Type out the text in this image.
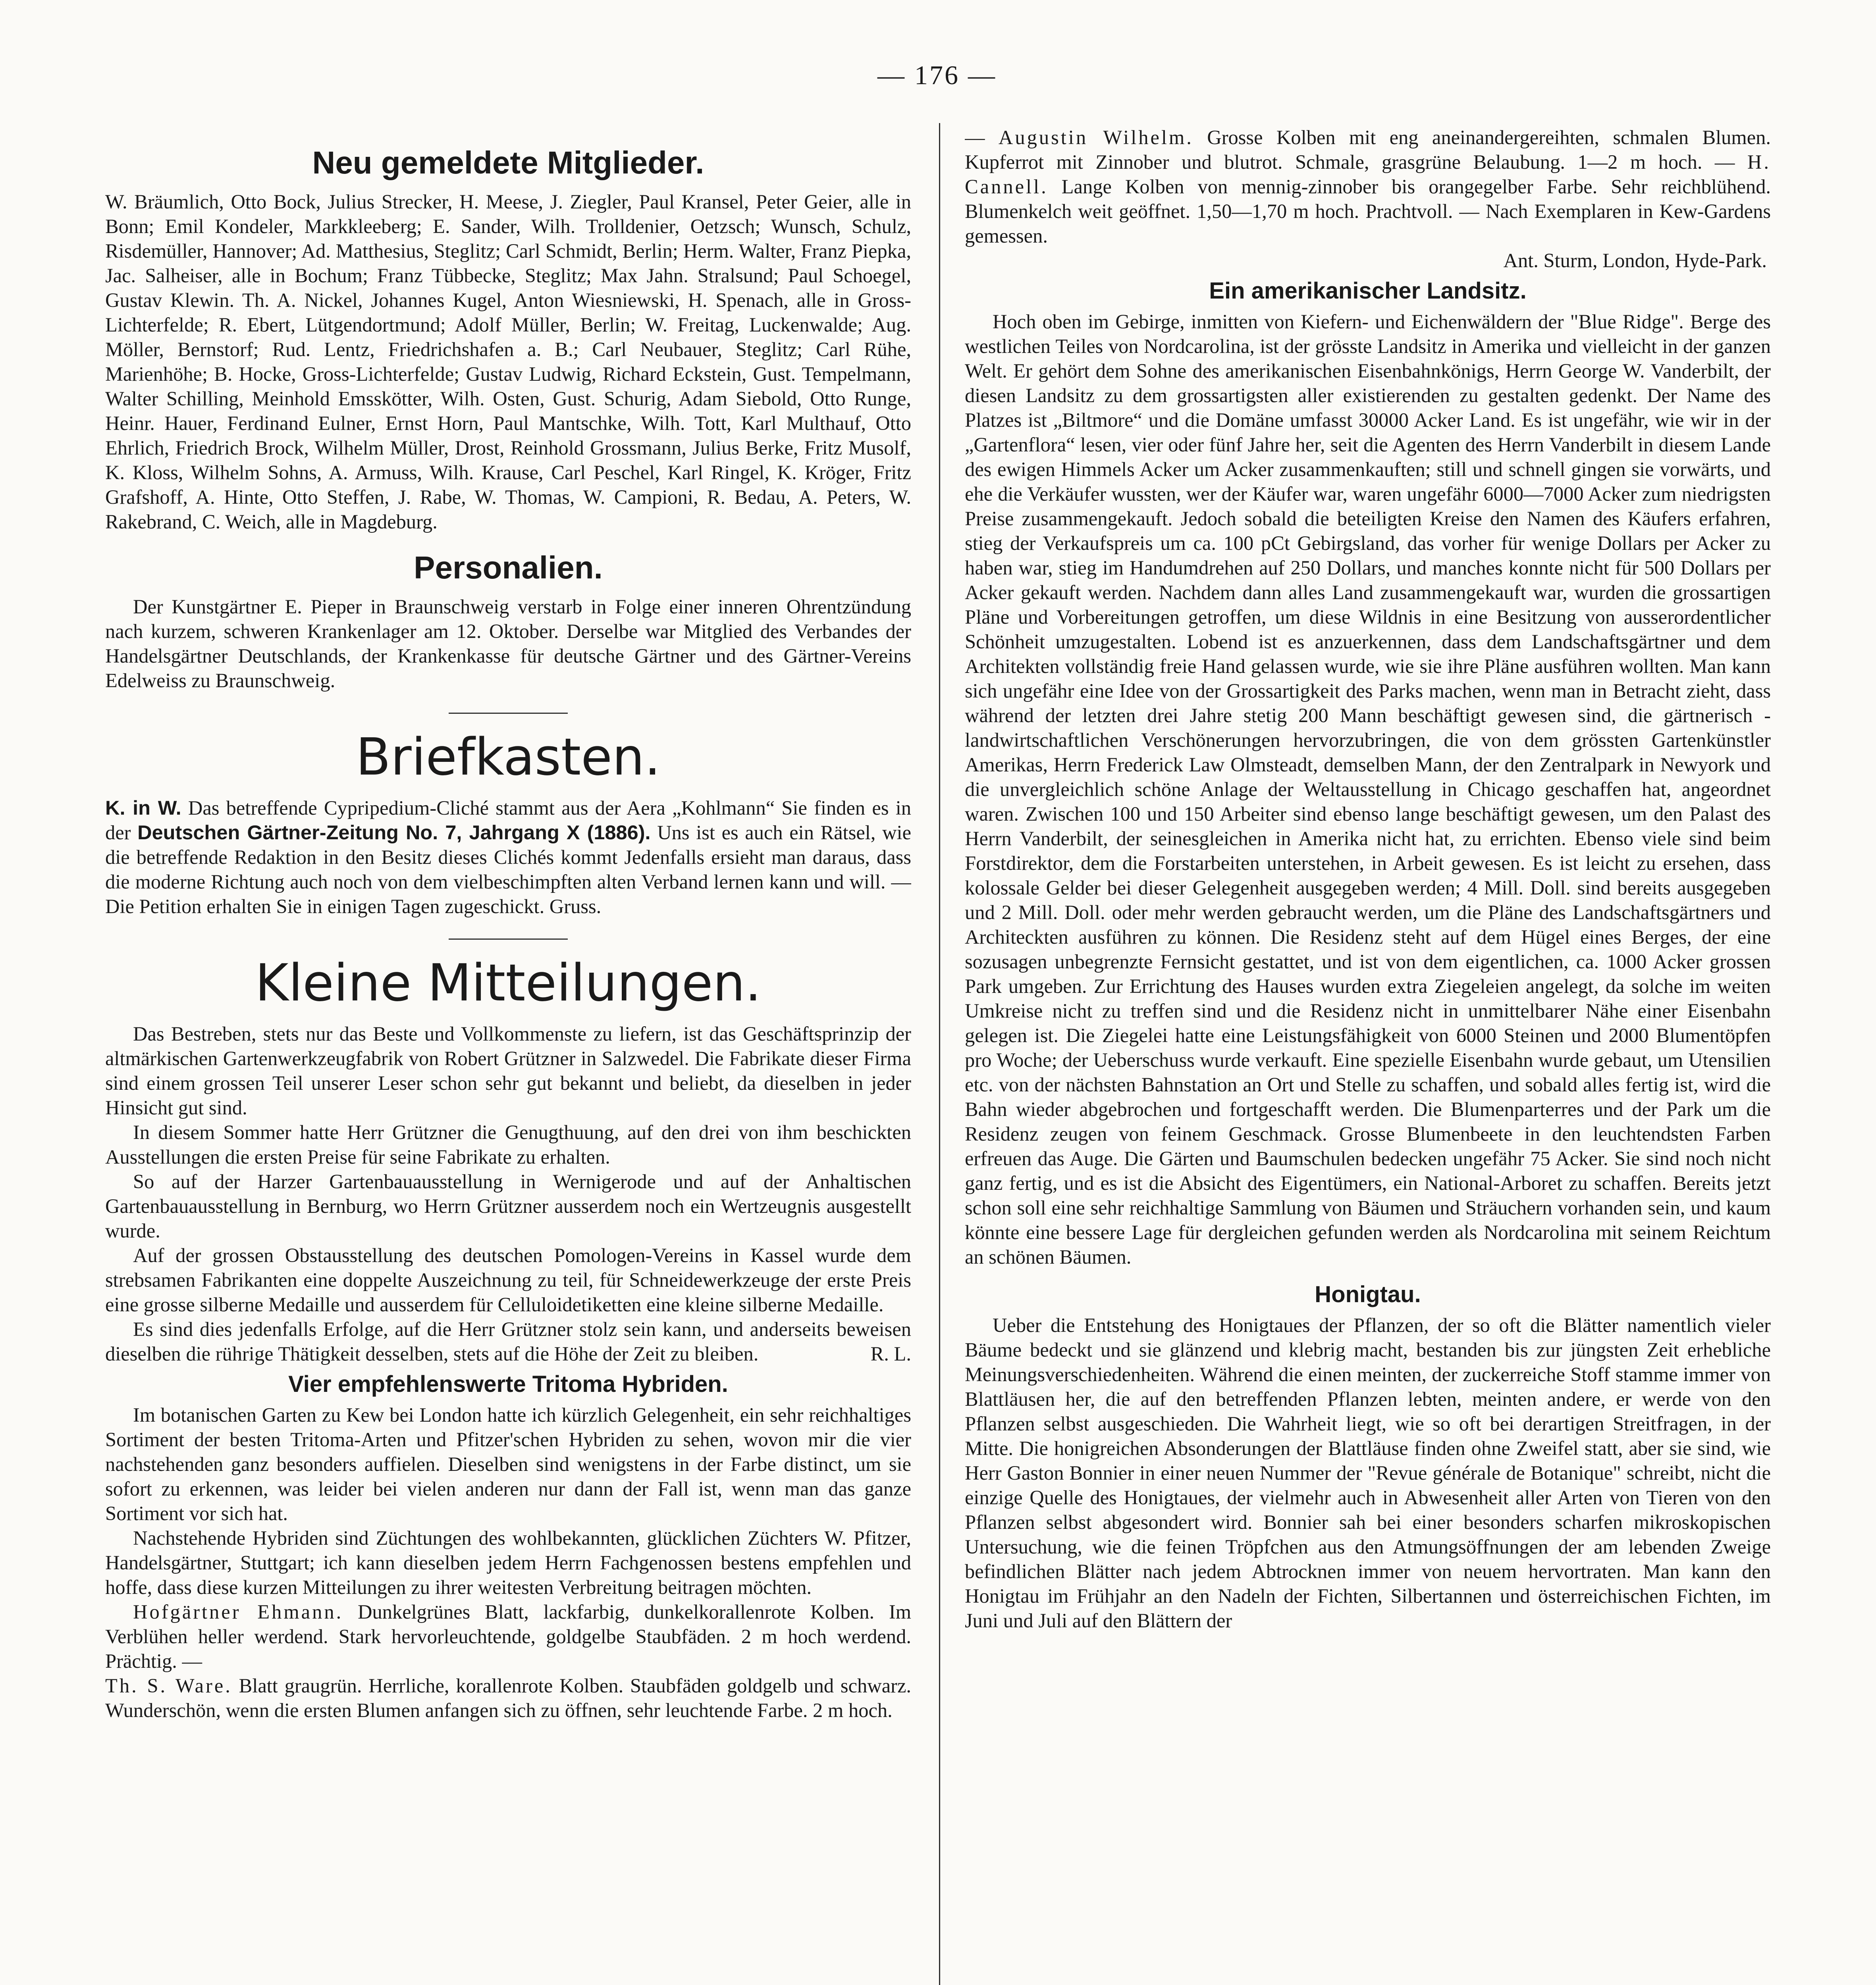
— 176 —
Neu gemeldete Mitglieder.

W. Bräumlich, Otto Bock, Julius Strecker, H. Meese, J. Ziegler, Paul Kransel, Peter Geier, alle in Bonn; Emil Kondeler, Markkleeberg; E. Sander, Wilh. Trolldenier, Oetzsch; Wunsch, Schulz, Risdemüller, Hannover; Ad. Matthesius, Steglitz; Carl Schmidt, Berlin; Herm. Walter, Franz Piepka, Jac. Salheiser, alle in Bochum; Franz Tübbecke, Steglitz; Max Jahn. Stralsund; Paul Schoegel, Gustav Klewin. Th. A. Nickel, Johannes Kugel, Anton Wiesniewski, H. Spenach, alle in Gross-Lichterfelde; R. Ebert, Lütgendortmund; Adolf Müller, Berlin; W. Freitag, Luckenwalde; Aug. Möller, Bernstorf; Rud. Lentz, Friedrichshafen a. B.; Carl Neubauer, Steglitz; Carl Rühe, Marienhöhe; B. Hocke, Gross-Lichterfelde; Gustav Ludwig, Richard Eckstein, Gust. Tempelmann, Walter Schilling, Meinhold Emsskötter, Wilh. Osten, Gust. Schurig, Adam Siebold, Otto Runge, Heinr. Hauer, Ferdinand Eulner, Ernst Horn, Paul Mantschke, Wilh. Tott, Karl Multhauf, Otto Ehrlich, Friedrich Brock, Wilhelm Müller, Drost, Reinhold Grossmann, Julius Berke, Fritz Musolf, K. Kloss, Wilhelm Sohns, A. Armuss, Wilh. Krause, Carl Peschel, Karl Ringel, K. Kröger, Fritz Grafshoff, A. Hinte, Otto Steffen, J. Rabe, W. Thomas, W. Campioni, R. Bedau, A. Peters, W. Rakebrand, C. Weich, alle in Magdeburg.

Personalien.

Der Kunstgärtner E. Pieper in Braunschweig verstarb in Folge einer inneren Ohrentzündung nach kurzem, schweren Krankenlager am 12. Oktober. Derselbe war Mitglied des Verbandes der Handelsgärtner Deutschlands, der Krankenkasse für deutsche Gärtner und des Gärtner-Vereins Edelweiss zu Braunschweig.

Briefkasten.

K. in W. Das betreffende Cypripedium-Cliché stammt aus der Aera „Kohlmann“ Sie finden es in der Deutschen Gärtner-Zeitung No. 7, Jahrgang X (1886). Uns ist es auch ein Rätsel, wie die betreffende Redaktion in den Besitz dieses Clichés kommt Jedenfalls ersieht man daraus, dass die moderne Richtung auch noch von dem vielbeschimpften alten Verband lernen kann und will. — Die Petition erhalten Sie in einigen Tagen zugeschickt. Gruss.

Kleine Mitteilungen.

Das Bestreben, stets nur das Beste und Vollkommenste zu liefern, ist das Geschäftsprinzip der altmärkischen Gartenwerkzeugfabrik von Robert Grützner in Salzwedel. Die Fabrikate dieser Firma sind einem grossen Teil unserer Leser schon sehr gut bekannt und beliebt, da dieselben in jeder Hinsicht gut sind.

In diesem Sommer hatte Herr Grützner die Genugthuung, auf den drei von ihm beschickten Ausstellungen die ersten Preise für seine Fabrikate zu erhalten.

So auf der Harzer Gartenbauausstellung in Wernigerode und auf der Anhaltischen Gartenbauausstellung in Bernburg, wo Herrn Grützner ausserdem noch ein Wertzeugnis ausgestellt wurde.

Auf der grossen Obstausstellung des deutschen Pomologen-Vereins in Kassel wurde dem strebsamen Fabrikanten eine doppelte Auszeichnung zu teil, für Schneidewerkzeuge der erste Preis eine grosse silberne Medaille und ausserdem für Celluloidetiketten eine kleine silberne Medaille.

Es sind dies jedenfalls Erfolge, auf die Herr Grützner stolz sein kann, und anderseits beweisen dieselben die rührige Thätigkeit desselben, stets auf die Höhe der Zeit zu bleiben.	R. L.

Vier empfehlenswerte Tritoma Hybriden.

Im botanischen Garten zu Kew bei London hatte ich kürzlich Gelegenheit, ein sehr reichhaltiges Sortiment der besten Tritoma-Arten und Pfitzer'schen Hybriden zu sehen, wovon mir die vier nachstehenden ganz besonders auffielen. Dieselben sind wenigstens in der Farbe distinct, um sie sofort zu erkennen, was leider bei vielen anderen nur dann der Fall ist, wenn man das ganze Sortiment vor sich hat.

Nachstehende Hybriden sind Züchtungen des wohlbekannten, glücklichen Züchters W. Pfitzer, Handelsgärtner, Stuttgart; ich kann dieselben jedem Herrn Fachgenossen bestens empfehlen und hoffe, dass diese kurzen Mitteilungen zu ihrer weitesten Verbreitung beitragen möchten.

Hofgärtner Ehmann. Dunkelgrünes Blatt, lackfarbig, dunkelkorallenrote Kolben. Im Verblühen heller werdend. Stark hervorleuchtende, goldgelbe Staubfäden. 2 m hoch werdend. Prächtig. —

Th. S. Ware. Blatt graugrün. Herrliche, korallenrote Kolben. Staubfäden goldgelb und schwarz. Wunderschön, wenn die ersten Blumen anfangen sich zu öffnen, sehr leuchtende Farbe. 2 m hoch.

— Augustin Wilhelm. Grosse Kolben mit eng aneinandergereihten, schmalen Blumen. Kupferrot mit Zinnober und blutrot. Schmale, grasgrüne Belaubung. 1—2 m hoch. — H. Cannell. Lange Kolben von mennig-zinnober bis orangegelber Farbe. Sehr reichblühend. Blumenkelch weit geöffnet. 1,50—1,70 m hoch. Prachtvoll. — Nach Exemplaren in Kew-Gardens gemessen.

Ant. Sturm, London, Hyde-Park.

Ein amerikanischer Landsitz.

Hoch oben im Gebirge, inmitten von Kiefern- und Eichenwäldern der "Blue Ridge". Berge des westlichen Teiles von Nordcarolina, ist der grösste Landsitz in Amerika und vielleicht in der ganzen Welt. Er gehört dem Sohne des amerikanischen Eisenbahnkönigs, Herrn George W. Vanderbilt, der diesen Landsitz zu dem grossartigsten aller existierenden zu gestalten gedenkt. Der Name des Platzes ist „Biltmore“ und die Domäne umfasst 30000 Acker Land. Es ist ungefähr, wie wir in der „Gartenflora“ lesen, vier oder fünf Jahre her, seit die Agenten des Herrn Vanderbilt in diesem Lande des ewigen Himmels Acker um Acker zusammenkauften; still und schnell gingen sie vorwärts, und ehe die Verkäufer wussten, wer der Käufer war, waren ungefähr 6000—7000 Acker zum niedrigsten Preise zusammengekauft. Jedoch sobald die beteiligten Kreise den Namen des Käufers erfahren, stieg der Verkaufspreis um ca. 100 pCt Gebirgsland, das vorher für wenige Dollars per Acker zu haben war, stieg im Handumdrehen auf 250 Dollars, und manches konnte nicht für 500 Dollars per Acker gekauft werden. Nachdem dann alles Land zusammengekauft war, wurden die grossartigen Pläne und Vorbereitungen getroffen, um diese Wildnis in eine Besitzung von ausserordentlicher Schönheit umzugestalten. Lobend ist es anzuerkennen, dass dem Landschaftsgärtner und dem Architekten vollständig freie Hand gelassen wurde, wie sie ihre Pläne ausführen wollten. Man kann sich ungefähr eine Idee von der Grossartigkeit des Parks machen, wenn man in Betracht zieht, dass während der letzten drei Jahre stetig 200 Mann beschäftigt gewesen sind, die gärtnerisch - landwirtschaftlichen Verschönerungen hervorzubringen, die von dem grössten Gartenkünstler Amerikas, Herrn Frederick Law Olmsteadt, demselben Mann, der den Zentralpark in Newyork und die unvergleichlich schöne Anlage der Weltausstellung in Chicago geschaffen hat, angeordnet waren. Zwischen 100 und 150 Arbeiter sind ebenso lange beschäftigt gewesen, um den Palast des Herrn Vanderbilt, der seinesgleichen in Amerika nicht hat, zu errichten. Ebenso viele sind beim Forstdirektor, dem die Forstarbeiten unterstehen, in Arbeit gewesen. Es ist leicht zu ersehen, dass kolossale Gelder bei dieser Gelegenheit ausgegeben werden; 4 Mill. Doll. sind bereits ausgegeben und 2 Mill. Doll. oder mehr werden gebraucht werden, um die Pläne des Landschaftsgärtners und Architeckten ausführen zu können. Die Residenz steht auf dem Hügel eines Berges, der eine sozusagen unbegrenzte Fernsicht gestattet, und ist von dem eigentlichen, ca. 1000 Acker grossen Park umgeben. Zur Errichtung des Hauses wurden extra Ziegeleien angelegt, da solche im weiten Umkreise nicht zu treffen sind und die Residenz nicht in unmittelbarer Nähe einer Eisenbahn gelegen ist. Die Ziegelei hatte eine Leistungsfähigkeit von 6000 Steinen und 2000 Blumentöpfen pro Woche; der Ueberschuss wurde verkauft. Eine spezielle Eisenbahn wurde gebaut, um Utensilien etc. von der nächsten Bahnstation an Ort und Stelle zu schaffen, und sobald alles fertig ist, wird die Bahn wieder abgebrochen und fortgeschafft werden. Die Blumenparterres und der Park um die Residenz zeugen von feinem Geschmack. Grosse Blumenbeete in den leuchtendsten Farben erfreuen das Auge. Die Gärten und Baumschulen bedecken ungefähr 75 Acker. Sie sind noch nicht ganz fertig, und es ist die Absicht des Eigentümers, ein National-Arboret zu schaffen. Bereits jetzt schon soll eine sehr reichhaltige Sammlung von Bäumen und Sträuchern vorhanden sein, und kaum könnte eine bessere Lage für dergleichen gefunden werden als Nordcarolina mit seinem Reichtum an schönen Bäumen.

Honigtau.

Ueber die Entstehung des Honigtaues der Pflanzen, der so oft die Blätter namentlich vieler Bäume bedeckt und sie glänzend und klebrig macht, bestanden bis zur jüngsten Zeit erhebliche Meinungsverschiedenheiten. Während die einen meinten, der zuckerreiche Stoff stamme immer von Blattläusen her, die auf den betreffenden Pflanzen lebten, meinten andere, er werde von den Pflanzen selbst ausgeschieden. Die Wahrheit liegt, wie so oft bei derartigen Streitfragen, in der Mitte. Die honigreichen Absonderungen der Blattläuse finden ohne Zweifel statt, aber sie sind, wie Herr Gaston Bonnier in einer neuen Nummer der "Revue générale de Botanique" schreibt, nicht die einzige Quelle des Honigtaues, der vielmehr auch in Abwesenheit aller Arten von Tieren von den Pflanzen selbst abgesondert wird. Bonnier sah bei einer besonders scharfen mikroskopischen Untersuchung, wie die feinen Tröpfchen aus den Atmungsöffnungen der am lebenden Zweige befindlichen Blätter nach jedem Abtrocknen immer von neuem hervortraten. Man kann den Honigtau im Frühjahr an den Nadeln der Fichten, Silbertannen und österreichischen Fichten, im Juni und Juli auf den Blättern der
